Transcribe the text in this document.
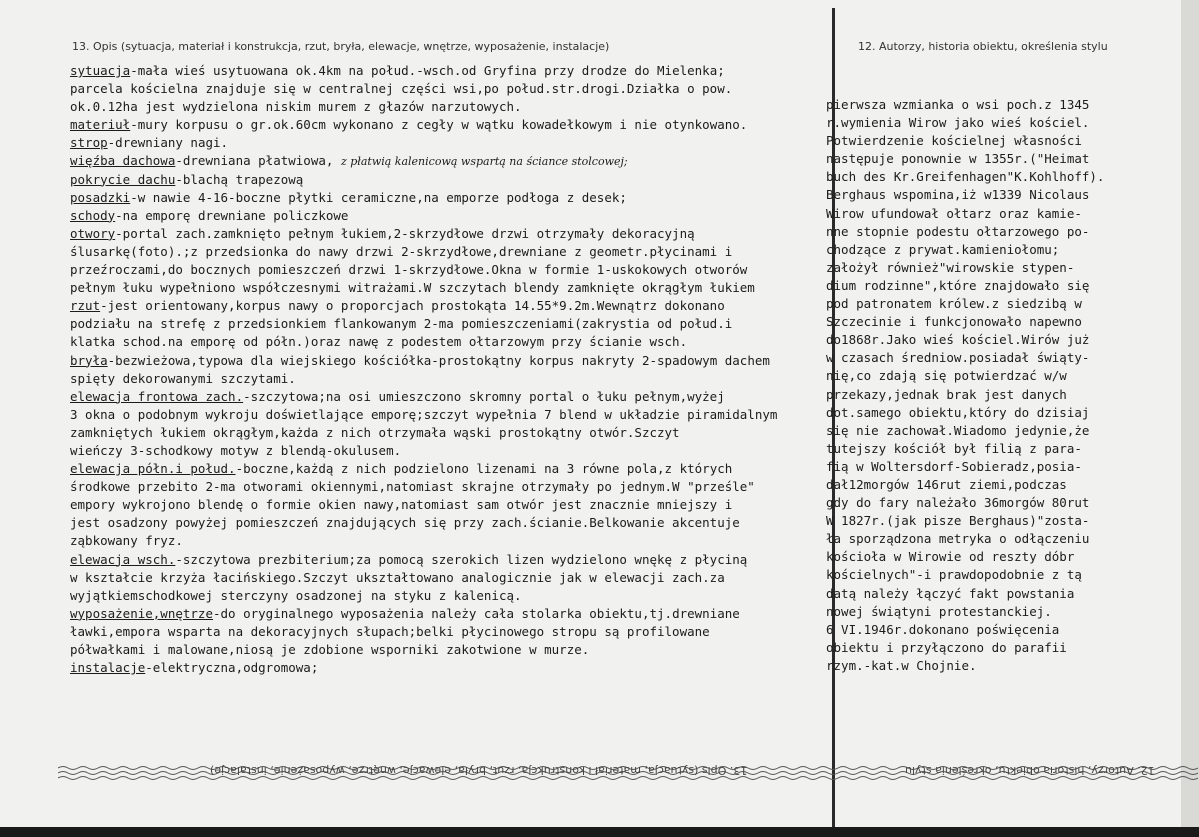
13. Opis (sytuacja, materiał i konstrukcja, rzut, bryła, elewacje, wnętrze, wyposażenie, instalacje)	12. Autorzy, historia obiektu, określenia stylu
sytuacja-mała wieś usytuowana ok.4km na połud.-wsch.od Gryfina przy drodze do Mielenka;
parcela kościelna znajduje się w centralnej części wsi,po połud.str.drogi.Działka o pow.
ok.0.12ha jest wydzielona niskim murem z głazów narzutowych.
materiuł-mury korpusu o gr.ok.60cm wykonano z cegły w wątku kowadełkowym i nie otynkowano.
strop-drewniany nagi.
więźba dachowa-drewniana płatwiowa, z płatwią kalenicową wspartą na ściance stolcowej;
pokrycie dachu-blachą trapezową
posadzki-w nawie 4-16-boczne płytki ceramiczne,na emporze podłoga z desek;
schody-na emporę drewniane policzkowe
otwory-portal zach.zamknięto pełnym łukiem,2-skrzydłowe drzwi otrzymały dekoracyjną
ślusarkę(foto).;z przedsionka do nawy drzwi 2-skrzydłowe,drewniane z geometr.płycinami i
przeźroczami,do bocznych pomieszczeń drzwi 1-skrzydłowe.Okna w formie 1-uskokowych otworów
pełnym łuku wypełniono współczesnymi witrażami.W szczytach blendy zamknięte okrągłym łukiem
rzut-jest orientowany,korpus nawy o proporcjach prostokąta 14.55*9.2m.Wewnątrz dokonano
podziału na strefę z przedsionkiem flankowanym 2-ma pomieszczeniami(zakrystia od połud.i
klatka schod.na emporę od półn.)oraz nawę z podestem ołtarzowym przy ścianie wsch.
bryła-bezwieżowa,typowa dla wiejskiego kościółka-prostokątny korpus nakryty 2-spadowym dachem
spięty dekorowanymi szczytami.
elewacja frontowa zach.-szczytowa;na osi umieszczono skromny portal o łuku pełnym,wyżej
3 okna o podobnym wykroju doświetlające emporę;szczyt wypełnia 7 blend w układzie piramidalnym
zamkniętych łukiem okrągłym,każda z nich otrzymała wąski prostokątny otwór.Szczyt
wieńczy 3-schodkowy motyw z blendą-okulusem.
elewacja półn.i połud.-boczne,każdą z nich podzielono lizenami na 3 równe pola,z których
środkowe przebito 2-ma otworami okiennymi,natomiast skrajne otrzymały po jednym.W "prześle"
empory wykrojono blendę o formie okien nawy,natomiast sam otwór jest znacznie mniejszy i
jest osadzony powyżej pomieszczeń znajdujących się przy zach.ścianie.Belkowanie akcentuje
ząbkowany fryz.
elewacja wsch.-szczytowa prezbiterium;za pomocą szerokich lizen wydzielono wnękę z płyciną
w kształcie krzyża łacińskiego.Szczyt ukształtowano analogicznie jak w elewacji zach.za
wyjątkiemschodkowej sterczyny osadzonej na styku z kalenicą.
wyposażenie,wnętrze-do oryginalnego wyposażenia należy cała stolarka obiektu,tj.drewniane
ławki,empora wsparta na dekoracyjnych słupach;belki płycinowego stropu są profilowane
półwałkami i malowane,niosą je zdobione wsporniki zakotwione w murze.
instalacje-elektryczna,odgromowa;
pierwsza wzmianka o wsi poch.z 1345
r.wymienia Wirow jako wieś kościel.
Potwierdzenie kościelnej własności
następuje ponownie w 1355r.("Heimat
buch des Kr.Greifenhagen"K.Kohlhoff).
Berghaus wspomina,iż w1339 Nicolaus
Wirow ufundował ołtarz oraz kamie-
nne stopnie podestu ołtarzowego po-
chodzące z prywat.kamieniołomu;
założył również"wirowskie stypen-
dium rodzinne",które znajdowało się
pod patronatem królew.z siedzibą w
Szczecinie i funkcjonowało napewno
do1868r.Jako wieś kościel.Wirów już
w czasach średniow.posiadał świąty-
nię,co zdają się potwierdzać w/w
przekazy,jednak brak jest danych
dot.samego obiektu,który do dzisiaj
się nie zachował.Wiadomo jedynie,że
tutejszy kościół był filią z para-
fią w Woltersdorf-Sobieradz,posia-
dał12morgów 146rut ziemi,podczas
gdy do fary należało 36morgów 80rut
W 1827r.(jak pisze Berghaus)"zosta-
ła sporządzona metryka o odłączeniu
kościoła w Wirowie od reszty dóbr
kościelnych"-i prawdopodobnie z tą
datą należy łączyć fakt powstania
nowej świątyni protestanckiej.
6 VI.1946r.dokonano poświęcenia
obiektu i przyłączono do parafii
rzym.-kat.w Chojnie.
13. Opis (sytuacja, materiał i konstrukcja, rzut, bryła, elewacje, wnętrze, wyposażenie, instalacje)	12. Autorzy, historia obiektu, określenia stylu
